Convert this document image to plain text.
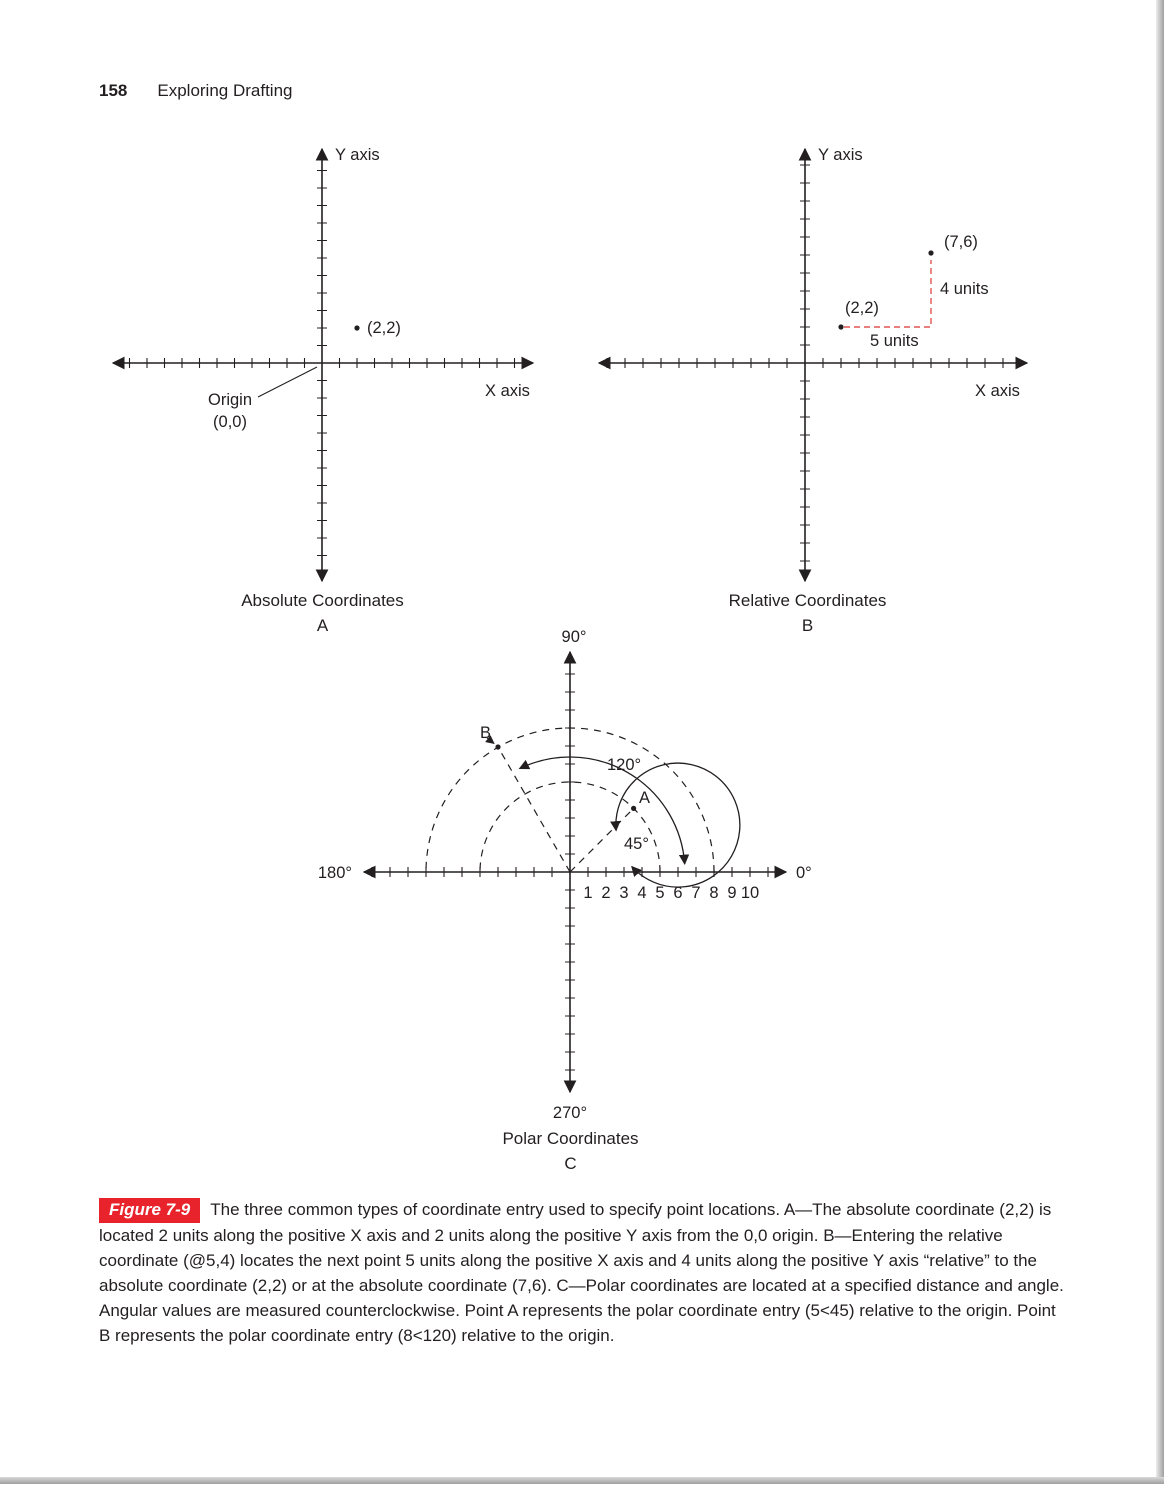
158 Exploring Drafting
(2,2)
Y axis
X axis
Origin
(0,0)
(2,2)
(7,6)
5 units
4 units
Y axis
X axis
A
B
120°
45°
90°
270°
180°	0°
1 2 3 4 5 6 7 8 9 10
Absolute Coordinates
A
Relative Coordinates
B
Polar Coordinates
C

Figure 7-9 The three common types of coordinate entry used to specify point locations. A—The absolute coordinate (2,2) is located 2 units along the positive X axis and 2 units along the positive Y axis from the 0,0 origin. B—Entering the relative coordinate (@5,4) locates the next point 5 units along the positive X axis and 4 units along the positive Y axis “relative” to the absolute coordinate (2,2) or at the absolute coordinate (7,6). C—Polar coordinates are located at a specified distance and angle. Angular values are measured counterclockwise. Point A represents the polar coordinate entry (5<45) relative to the origin. Point B represents the polar coordinate entry (8<120) relative to the origin.
